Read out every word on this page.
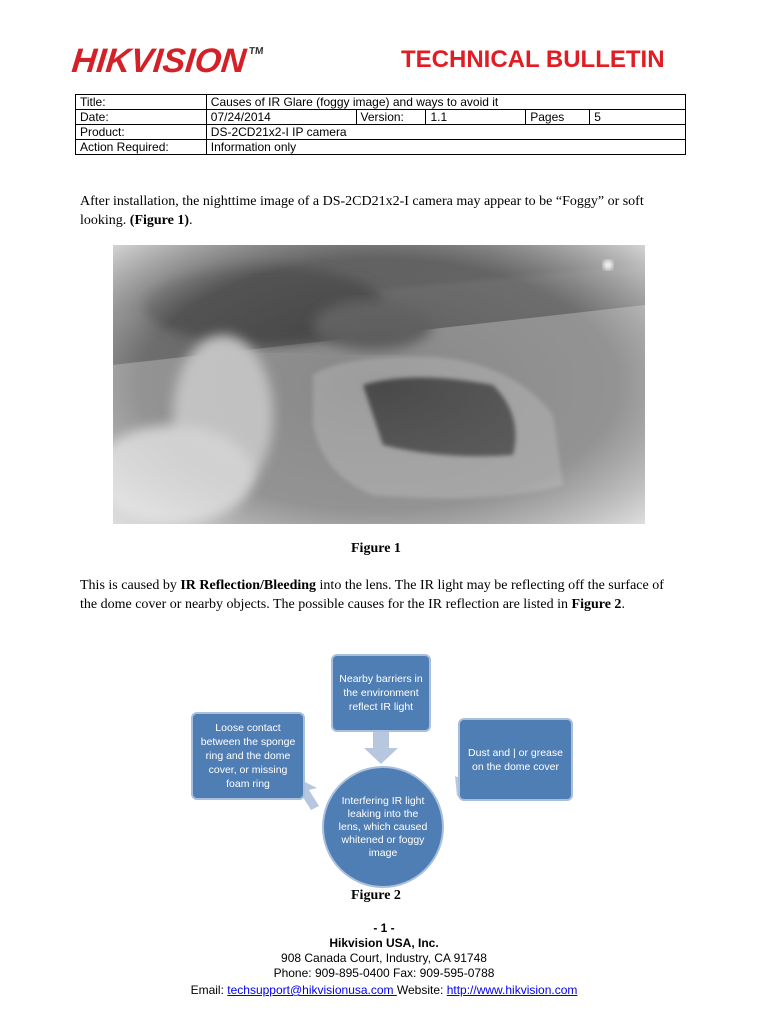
HIKVISION™	TECHNICAL BULLETIN
Title:	Causes of IR Glare (foggy image) and ways to avoid it				
Date:	07/24/2014	Version:	1.1	Pages	5
Product:	DS-2CD21x2-I IP camera				
Action Required:	Information only				
After installation, the nighttime image of a DS-2CD21x2-I camera may appear to be “Foggy” or soft looking. (Figure 1).
Figure 1
This is caused by IR Reflection/Bleeding into the lens. The IR light may be reflecting off the surface of the dome cover or nearby objects. The possible causes for the IR reflection are listed in Figure 2.
Nearby barriers in the environment reflect IR light
Loose contact between the sponge ring and the dome cover, or missing foam ring
Dust and | or grease on the dome cover
Interfering IR light leaking into the lens, which caused whitened or foggy image
Figure 2
- 1 -
Hikvision USA, Inc.
908 Canada Court, Industry, CA 91748
Phone: 909-895-0400 Fax: 909-595-0788
Email: techsupport@hikvisionusa.com Website: http://www.hikvision.com
